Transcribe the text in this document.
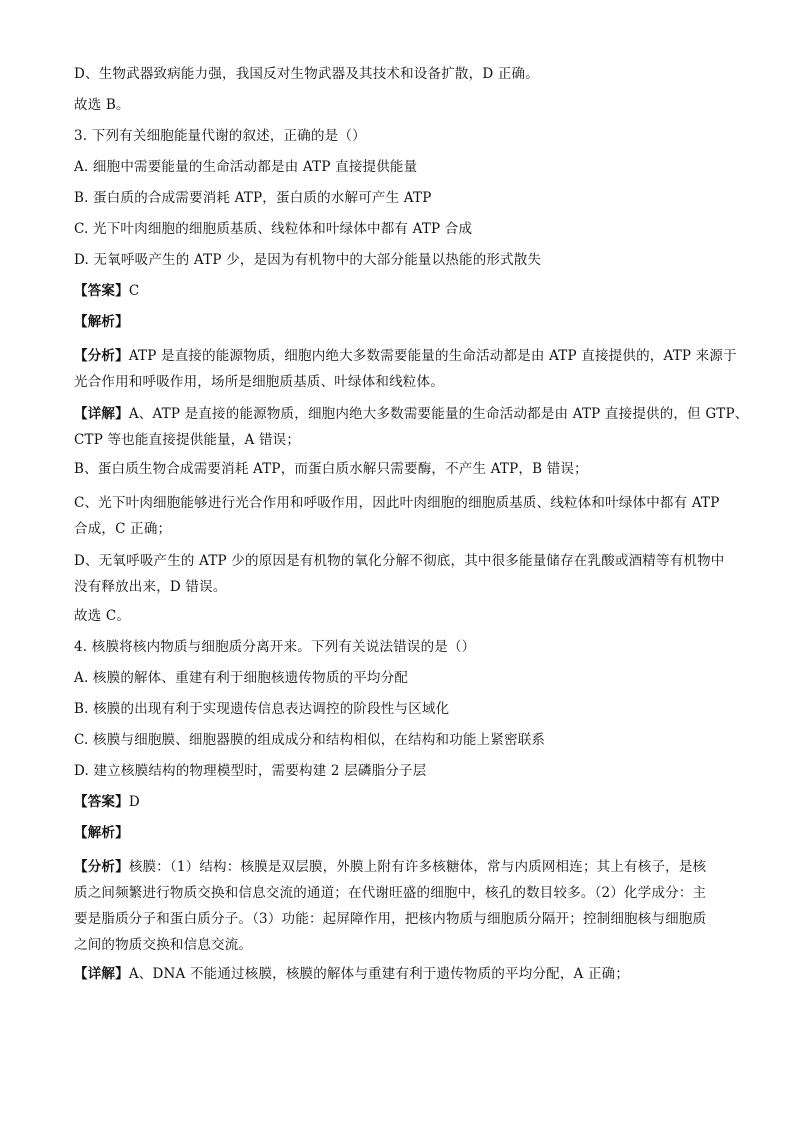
D、生物武器致病能力强，我国反对生物武器及其技术和设备扩散，D 正确。
故选 B。
3. 下列有关细胞能量代谢的叙述，正确的是（）
A. 细胞中需要能量的生命活动都是由 ATP 直接提供能量
B. 蛋白质的合成需要消耗 ATP，蛋白质的水解可产生 ATP
C. 光下叶肉细胞的细胞质基质、线粒体和叶绿体中都有 ATP 合成
D. 无氧呼吸产生的 ATP 少，是因为有机物中的大部分能量以热能的形式散失
【答案】C
【解析】
【分析】ATP 是直接的能源物质，细胞内绝大多数需要能量的生命活动都是由 ATP 直接提供的，ATP 来源于
光合作用和呼吸作用，场所是细胞质基质、叶绿体和线粒体。
【详解】A、ATP 是直接的能源物质，细胞内绝大多数需要能量的生命活动都是由 ATP 直接提供的，但 GTP、
CTP 等也能直接提供能量，A 错误；
B、蛋白质生物合成需要消耗 ATP，而蛋白质水解只需要酶，不产生 ATP，B 错误；
C、光下叶肉细胞能够进行光合作用和呼吸作用，因此叶肉细胞的细胞质基质、线粒体和叶绿体中都有 ATP
合成，C 正确；
D、无氧呼吸产生的 ATP 少的原因是有机物的氧化分解不彻底，其中很多能量储存在乳酸或酒精等有机物中
没有释放出来，D 错误。
故选 C。
4. 核膜将核内物质与细胞质分离开来。下列有关说法错误的是（）
A. 核膜的解体、重建有利于细胞核遗传物质的平均分配
B. 核膜的出现有利于实现遗传信息表达调控的阶段性与区域化
C. 核膜与细胞膜、细胞器膜的组成成分和结构相似，在结构和功能上紧密联系
D. 建立核膜结构的物理模型时，需要构建 2 层磷脂分子层
【答案】D
【解析】
【分析】核膜：（1）结构：核膜是双层膜，外膜上附有许多核糖体，常与内质网相连；其上有核子，是核
质之间频繁进行物质交换和信息交流的通道；在代谢旺盛的细胞中，核孔的数目较多。（2）化学成分：主
要是脂质分子和蛋白质分子。（3）功能：起屏障作用，把核内物质与细胞质分隔开；控制细胞核与细胞质
之间的物质交换和信息交流。
【详解】A、DNA 不能通过核膜，核膜的解体与重建有利于遗传物质的平均分配，A 正确；
